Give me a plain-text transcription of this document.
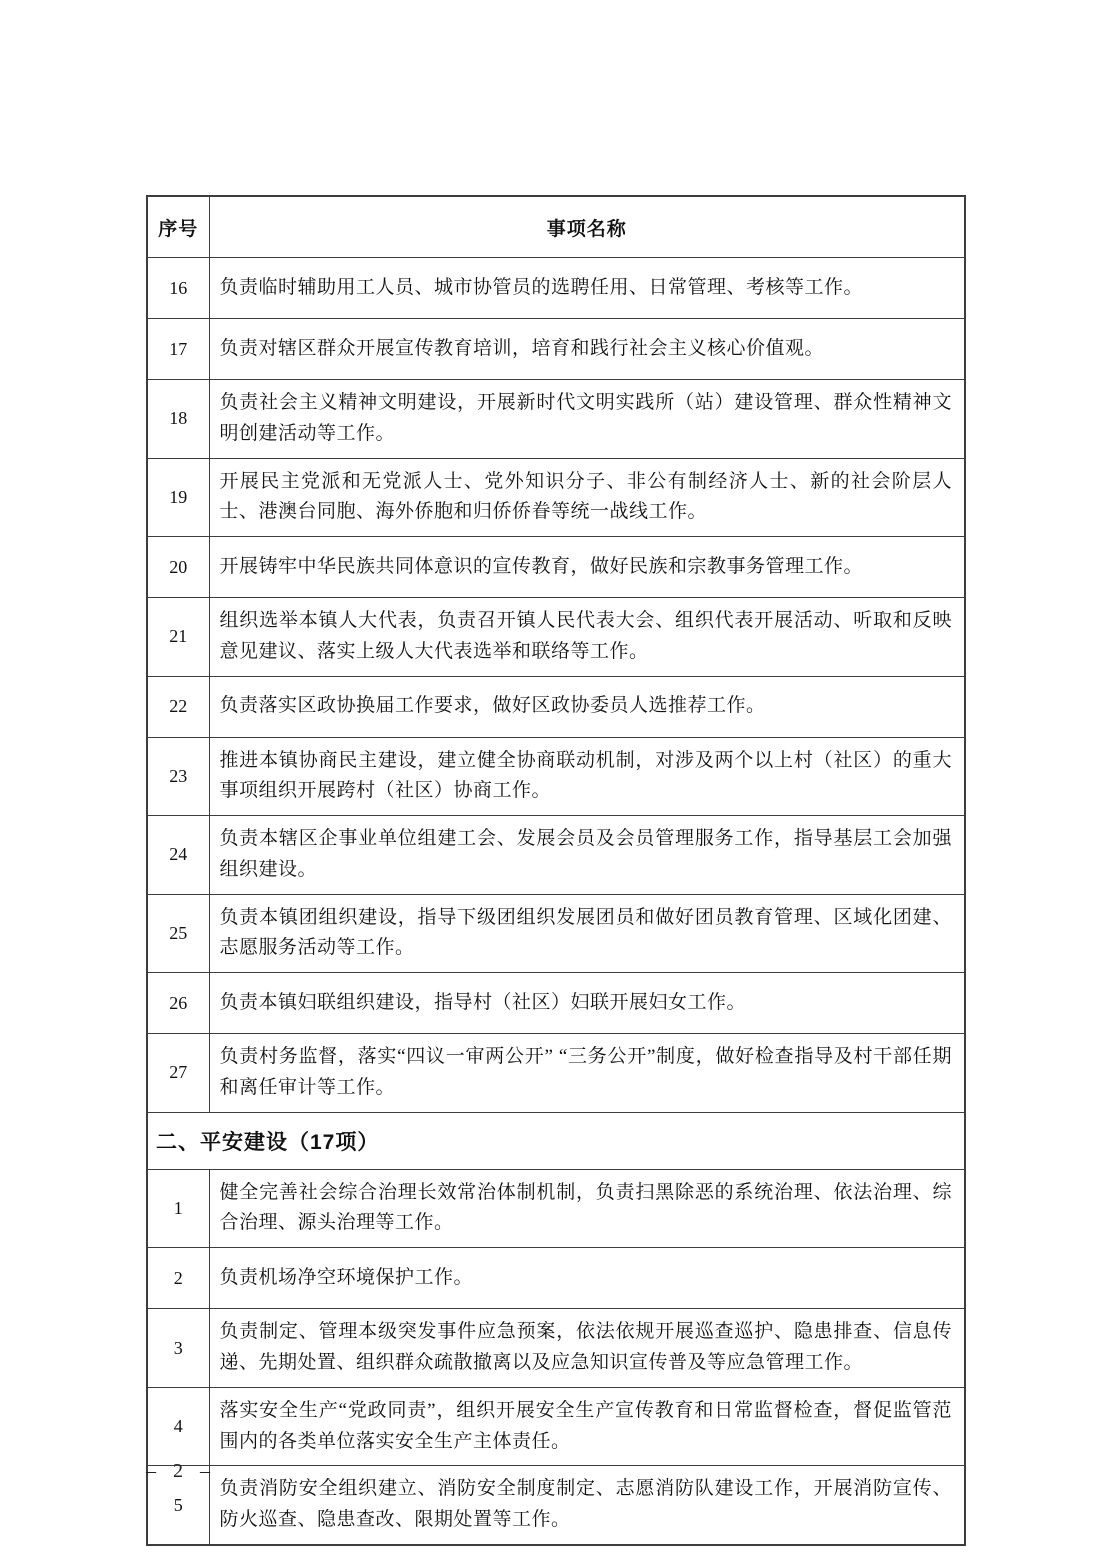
序号	事项名称
16	负责临时辅助用工人员、城市协管员的选聘任用、日常管理、考核等工作。
17	负责对辖区群众开展宣传教育培训，培育和践行社会主义核心价值观。
18	负责社会主义精神文明建设，开展新时代文明实践所（站）建设管理、群众性精神文明创建活动等工作。
19	开展民主党派和无党派人士、党外知识分子、非公有制经济人士、新的社会阶层人士、港澳台同胞、海外侨胞和归侨侨眷等统一战线工作。
20	开展铸牢中华民族共同体意识的宣传教育，做好民族和宗教事务管理工作。
21	组织选举本镇人大代表，负责召开镇人民代表大会、组织代表开展活动、听取和反映意见建议、落实上级人大代表选举和联络等工作。
22	负责落实区政协换届工作要求，做好区政协委员人选推荐工作。
23	推进本镇协商民主建设，建立健全协商联动机制，对涉及两个以上村（社区）的重大事项组织开展跨村（社区）协商工作。
24	负责本辖区企事业单位组建工会、发展会员及会员管理服务工作，指导基层工会加强组织建设。
25	负责本镇团组织建设，指导下级团组织发展团员和做好团员教育管理、区域化团建、志愿服务活动等工作。
26	负责本镇妇联组织建设，指导村（社区）妇联开展妇女工作。
27	负责村务监督，落实“四议一审两公开” “三务公开”制度，做好检查指导及村干部任期和离任审计等工作。
二、平安建设（17项）	
1	健全完善社会综合治理长效常治体制机制，负责扫黑除恶的系统治理、依法治理、综合治理、源头治理等工作。
2	负责机场净空环境保护工作。
3	负责制定、管理本级突发事件应急预案，依法依规开展巡查巡护、隐患排查、信息传递、先期处置、组织群众疏散撤离以及应急知识宣传普及等应急管理工作。
4	落实安全生产“党政同责”，组织开展安全生产宣传教育和日常监督检查，督促监管范围内的各类单位落实安全生产主体责任。
5	负责消防安全组织建立、消防安全制度制定、志愿消防队建设工作，开展消防宣传、防火巡查、隐患查改、限期处置等工作。
– 2 –
